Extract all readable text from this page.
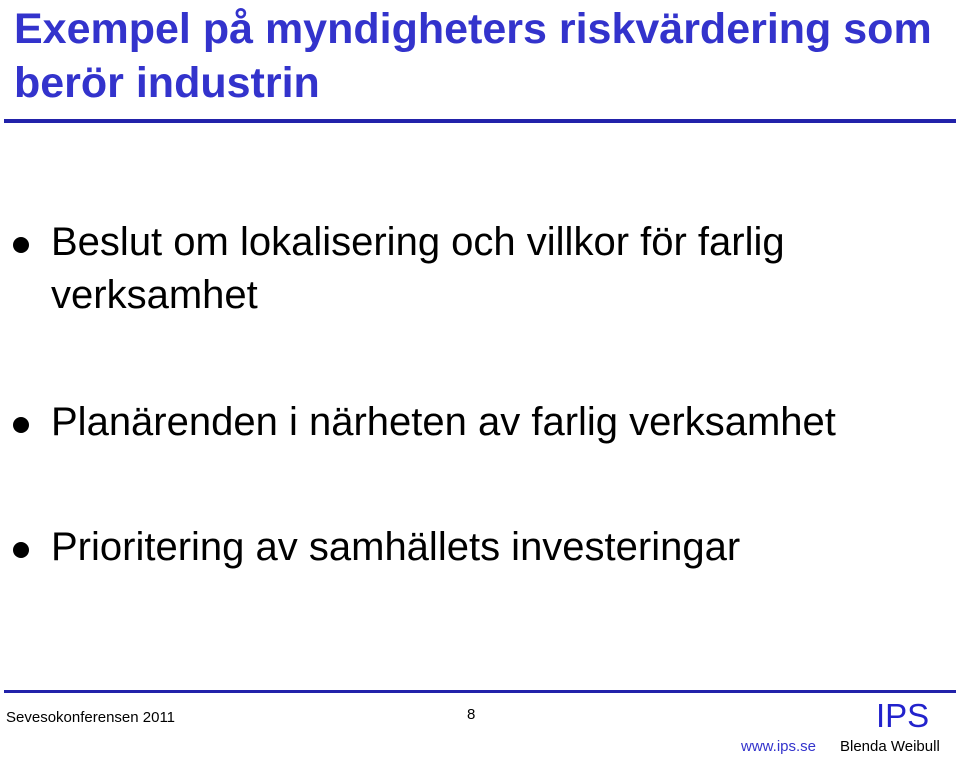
Exempel på myndigheters riskvärdering som berör industrin

Beslut om lokalisering och villkor för farlig verksamhet

Planärenden i närheten av farlig verksamhet

Prioritering av samhällets investeringar

Sevesokonferensen 2011	8	IPS
www.ips.se Blenda Weibull
